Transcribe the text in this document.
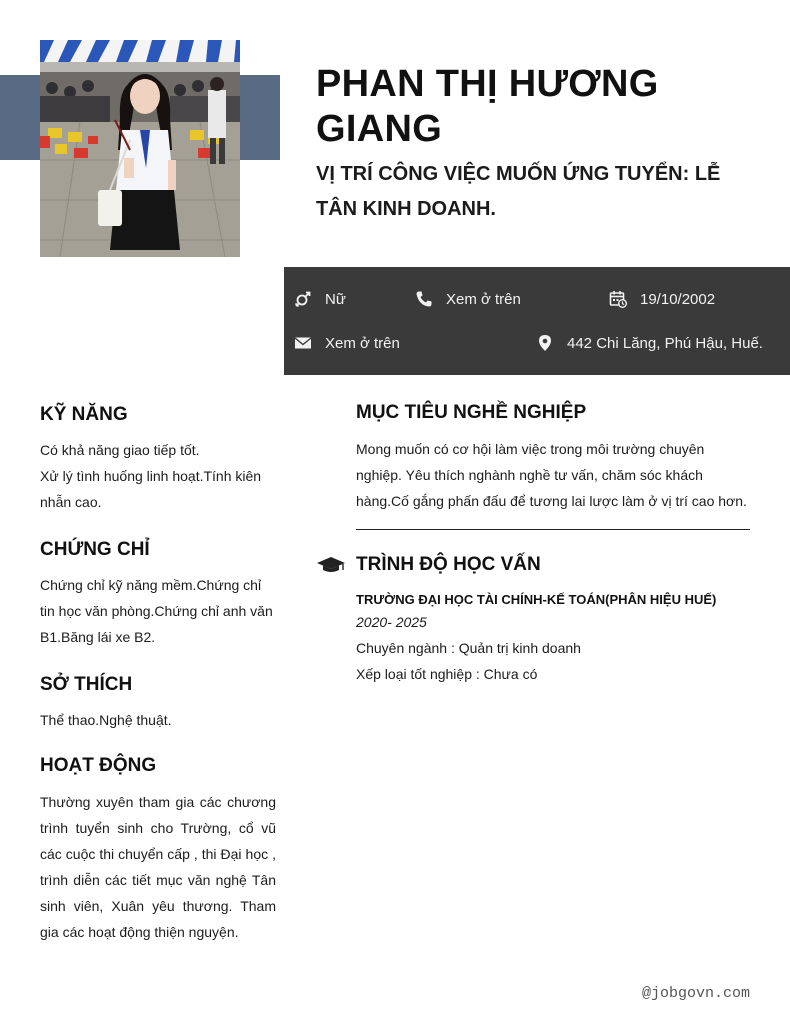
PHAN THỊ HƯƠNG GIANG
VỊ TRÍ CÔNG VIỆC MUỐN ỨNG TUYỂN: LỄ TÂN KINH DOANH.
Nữ	Xem ở trên	19/10/2002
Xem ở trên	442 Chi Lăng, Phú Hậu, Huế.
KỸ NĂNG
Có khả năng giao tiếp tốt.
Xử lý tình huống linh hoạt.Tính kiên nhẫn cao.
CHỨNG CHỈ
Chứng chỉ kỹ năng mềm.Chứng chỉ tin học văn phòng.Chứng chỉ anh văn B1.Băng lái xe B2.
SỞ THÍCH
Thể thao.Nghệ thuật.
HOẠT ĐỘNG
Thường xuyên tham gia các chương trình tuyển sinh cho Trường, cổ vũ các cuộc thi chuyển cấp , thi Đại học , trình diễn các tiết mục văn nghệ Tân sinh viên, Xuân yêu thương. Tham gia các hoạt động thiện nguyện.
MỤC TIÊU NGHỀ NGHIỆP
Mong muốn có cơ hội làm việc trong môi trường chuyên nghiệp. Yêu thích nghành nghề tư vấn, chăm sóc khách hàng.Cố gắng phấn đấu để tương lai lược làm ở vị trí cao hơn.
TRÌNH ĐỘ HỌC VẤN
TRƯỜNG ĐẠI HỌC TÀI CHÍNH-KẾ TOÁN(PHÂN HIỆU HUẾ)
2020- 2025
Chuyên ngành : Quản trị kinh doanh
Xếp loại tốt nghiệp : Chưa có
@jobgovn.com
